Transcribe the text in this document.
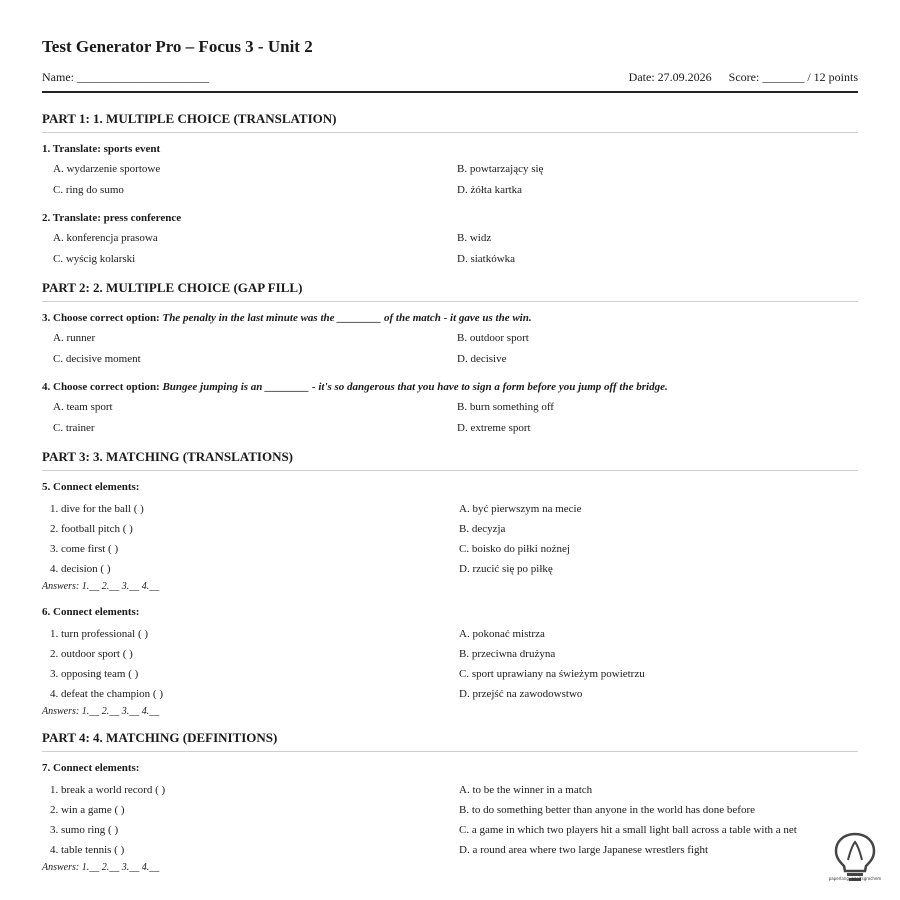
Test Generator Pro – Focus 3 - Unit 2
Name: ______________________	Date: 27.09.2026 Score: _______ / 12 points
PART 1: 1. MULTIPLE CHOICE (TRANSLATION)
1. Translate: sports event
A. wydarzenie sportowe	B. powtarzający się
C. ring do sumo	D. żółta kartka
2. Translate: press conference
A. konferencja prasowa	B. widz
C. wyścig kolarski	D. siatkówka
PART 2: 2. MULTIPLE CHOICE (GAP FILL)
3. Choose correct option: The penalty in the last minute was the ________ of the match - it gave us the win.
A. runner	B. outdoor sport
C. decisive moment	D. decisive
4. Choose correct option: Bungee jumping is an ________ - it's so dangerous that you have to sign a form before you jump off the bridge.
A. team sport	B. burn something off
C. trainer	D. extreme sport
PART 3: 3. MATCHING (TRANSLATIONS)
5. Connect elements:
1. dive for the ball ( )	A. być pierwszym na mecie
2. football pitch ( )	B. decyzja
3. come first ( )	C. boisko do piłki nożnej
4. decision ( )	D. rzucić się po piłkę
Answers: 1.__ 2.__ 3.__ 4.__
6. Connect elements:
1. turn professional ( )	A. pokonać mistrza
2. outdoor sport ( )	B. przeciwna drużyna
3. opposing team ( )	C. sport uprawiany na świeżym powietrzu
4. defeat the champion ( )	D. przejść na zawodowstwo
Answers: 1.__ 2.__ 3.__ 4.__
PART 4: 4. MATCHING (DEFINITIONS)
7. Connect elements:
1. break a world record ( )	A. to be the winner in a match
2. win a game ( )	B. to do something better than anyone in the world has done before
3. sumo ring ( )	C. a game in which two players hit a small light ball across a table with a net
4. table tennis ( )	D. a round area where two large Japanese wrestlers fight
Answers: 1.__ 2.__ 3.__ 4.__
paperlanguageltsgrochem
